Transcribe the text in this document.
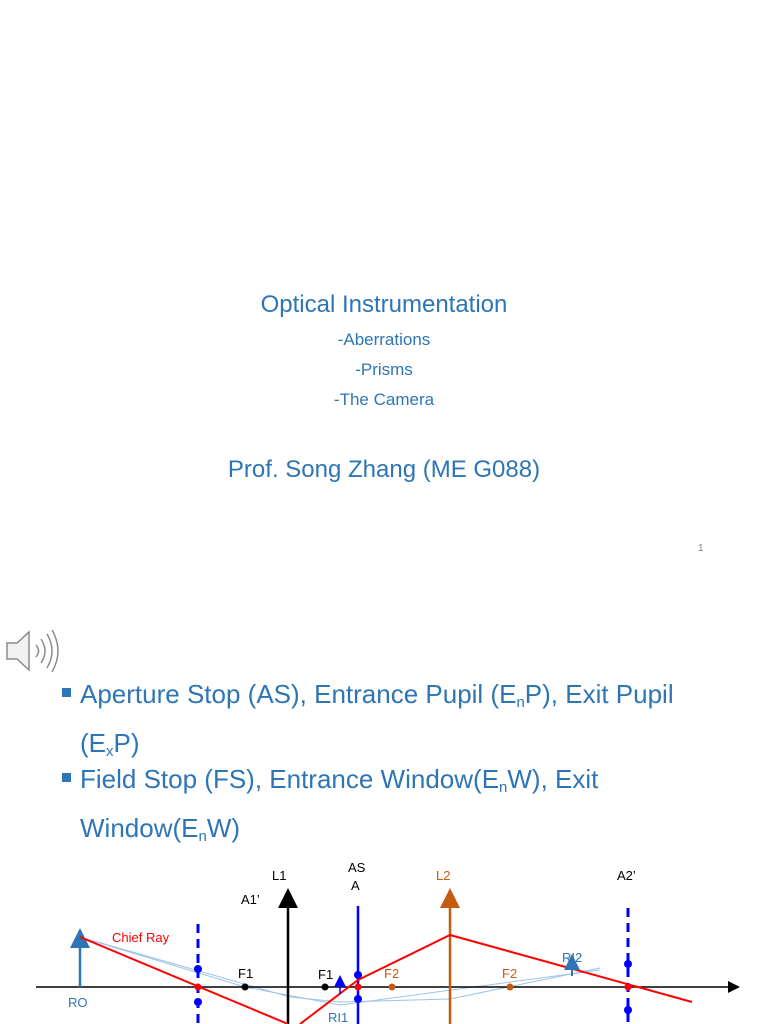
Optical Instrumentation
-Aberrations
-Prisms
-The Camera
Prof. Song Zhang (ME G088)
1
Aperture Stop (AS), Entrance Pupil $(E_nP)$, Exit Pupil
$(E_xP)$
Field Stop (FS), Entrance $Window(E_nW)$, Exit
$Window(E_nW)$
L1
AS
A
L2	A2’
A1’
Chief Ray
F1	F1	F2	F2
RI2
RO
RI1
